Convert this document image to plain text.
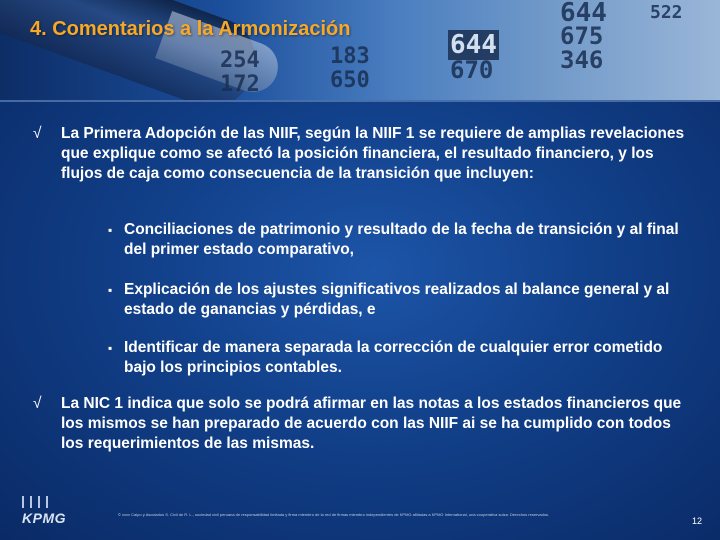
644
675
346
644
670
254	183
650
172
522
4. Comentarios a la Armonización
√	La Primera Adopción de las NIIF, según la NIIF 1 se requiere de amplias revelaciones que explique como se afectó la posición financiera, el resultado financiero, y los flujos de caja como consecuencia de la transición que incluyen:
▪ Conciliaciones de patrimonio y resultado de la fecha de transición y al final del primer estado comparativo,
▪ Explicación de los ajustes significativos realizados al balance general y al estado de ganancias y pérdidas, e
▪ Identificar de manera separada la corrección de cualquier error cometido bajo los principios contables.
√	La NIC 1 indica que solo se podrá afirmar en las notas a los estados financieros que los mismos se han preparado de acuerdo con las NIIF ai se ha cumplido con todos los requerimientos de las mismas.
KPMG	© xxxx Caipo y Asociados S. Civil de R. L., sociedad civil peruana de responsabilidad limitada y firma miembro de la red de firmas miembro independientes de KPMG afiliadas a KPMG International, una cooperativa suiza. Derechos reservados.
12
